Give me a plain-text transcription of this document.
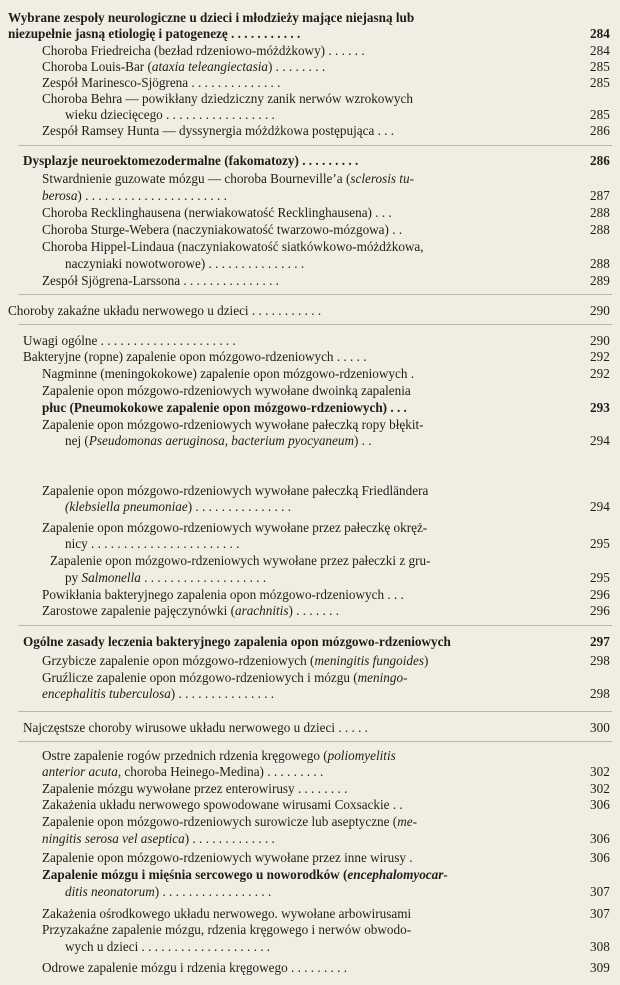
Wybrane zespoły neurologiczne u dzieci i młodzieży mające niejasną lub
niezupełnie jasną etiologię i patogenezę . . . . . . . . . . .	284
Choroba Friedreicha (bezład rdzeniowo-móżdżkowy) . . . . . .	284
Choroba Louis-Bar (ataxia teleangiectasia) . . . . . . . .	285
Zespół Marinesco-Sjögrena . . . . . . . . . . . . . .	285
Choroba Behra — powikłany dziedziczny zanik nerwów wzrokowych
wieku dziecięcego . . . . . . . . . . . . . . . . .	285
Zespół Ramsey Hunta — dyssynergia móżdżkowa postępująca . . .	286
Dysplazje neuroektomezodermalne (fakomatozy) . . . . . . . . .	286
Stwardnienie guzowate mózgu — choroba Bourneville’a (sclerosis tu-
berosa) . . . . . . . . . . . . . . . . . . . . . .	287
Choroba Recklinghausena (nerwiakowatość Recklinghausena) . . .	288
Choroba Sturge-Webera (naczyniakowatość twarzowo-mózgowa) . .	288
Choroba Hippel-Lindaua (naczyniakowatość siatkówkowo-móżdżkowa,
naczyniaki nowotworowe) . . . . . . . . . . . . . . .	288
Zespół Sjögrena-Larssona . . . . . . . . . . . . . . .	289
Choroby zakaźne układu nerwowego u dzieci . . . . . . . . . . .	290
Uwagi ogólne . . . . . . . . . . . . . . . . . . . . .	290
Bakteryjne (ropne) zapalenie opon mózgowo-rdzeniowych . . . . .	292
Nagminne (meningokokowe) zapalenie opon mózgowo-rdzeniowych .	292
Zapalenie opon mózgowo-rdzeniowych wywołane dwoinką zapalenia
płuc (Pneumokokowe zapalenie opon mózgowo-rdzeniowych) . . .	293
Zapalenie opon mózgowo-rdzeniowych wywołane pałeczką ropy błękit-
nej (Pseudomonas aeruginosa, bacterium pyocyaneum) . .	294
Zapalenie opon mózgowo-rdzeniowych wywołane pałeczką Friedländera
(klebsiella pneumoniae) . . . . . . . . . . . . . . .	294
Zapalenie opon mózgowo-rdzeniowych wywołane przez pałeczkę okręż-
nicy . . . . . . . . . . . . . . . . . . . . . . .	295
Zapalenie opon mózgowo-rdzeniowych wywołane przez pałeczki z gru-
py Salmonella . . . . . . . . . . . . . . . . . . .	295
Powikłania bakteryjnego zapalenia opon mózgowo-rdzeniowych . . .	296
Zarostowe zapalenie pajęczynówki (arachnitis) . . . . . . .	296
Ogólne zasady leczenia bakteryjnego zapalenia opon mózgowo-rdzeniowych	297
Grzybicze zapalenie opon mózgowo-rdzeniowych (meningitis fungoides)	298
Gruźlicze zapalenie opon mózgowo-rdzeniowych i mózgu (meningo-
encephalitis tuberculosa) . . . . . . . . . . . . . . .	298
Najczęstsze choroby wirusowe układu nerwowego u dzieci . . . . .	300
Ostre zapalenie rogów przednich rdzenia kręgowego (poliomyelitis
anterior acuta, choroba Heinego-Medina) . . . . . . . . .	302
Zapalenie mózgu wywołane przez enterowirusy . . . . . . . .	302
Zakażenia układu nerwowego spowodowane wirusami Coxsackie . .	306
Zapalenie opon mózgowo-rdzeniowych surowicze lub aseptyczne (me-
ningitis serosa vel aseptica) . . . . . . . . . . . . .	306
Zapalenie opon mózgowo-rdzeniowych wywołane przez inne wirusy .	306
Zapalenie mózgu i mięśnia sercowego u noworodków (encephalomyocar-
ditis neonatorum) . . . . . . . . . . . . . . . . .	307
Zakażenia ośrodkowego układu nerwowego. wywołane arbowirusami	307
Przyzakaźne zapalenie mózgu, rdzenia kręgowego i nerwów obwodo-
wych u dzieci . . . . . . . . . . . . . . . . . . . .	308
Odrowe zapalenie mózgu i rdzenia kręgowego . . . . . . . . .	309
